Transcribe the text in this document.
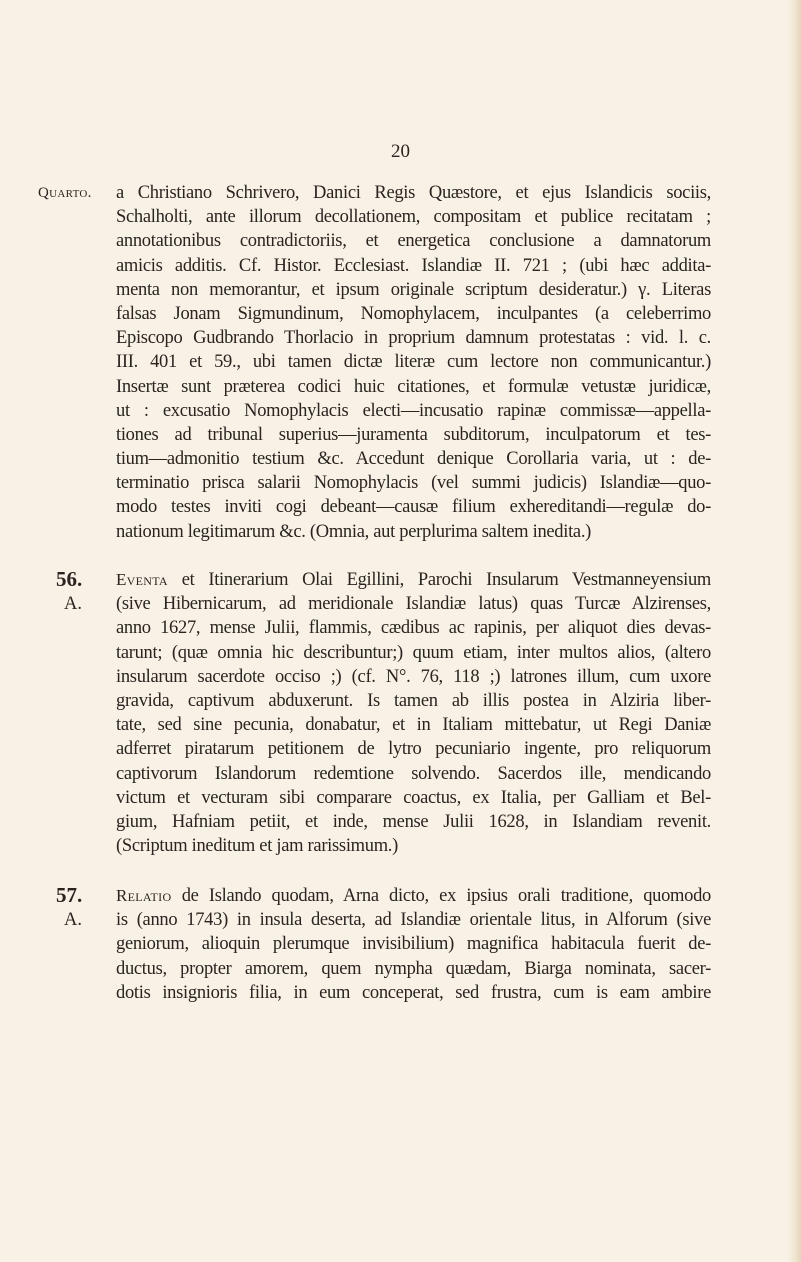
20
Quarto.	a Christiano Schrivero, Danici Regis Quæstore, et ejus Islandicis sociis,
Schalholti, ante illorum decollationem, compositam et publice recitatam ;
annotationibus contradictoriis, et energetica conclusione a damnatorum
amicis additis. Cf. Histor. Ecclesiast. Islandiæ II. 721 ; (ubi hæc addita-
menta non memorantur, et ipsum originale scriptum desideratur.) γ. Literas
falsas Jonam Sigmundinum, Nomophylacem, inculpantes (a celeberrimo
Episcopo Gudbrando Thorlacio in proprium damnum protestatas : vid. l. c.
III. 401 et 59., ubi tamen dictæ literæ cum lectore non communicantur.)
Insertæ sunt præterea codici huic citationes, et formulæ vetustæ juridicæ,
ut : excusatio Nomophylacis electi—incusatio rapinæ commissæ—appella-
tiones ad tribunal superius—juramenta subditorum, inculpatorum et tes-
tium—admonitio testium &c. Accedunt denique Corollaria varia, ut : de-
terminatio prisca salarii Nomophylacis (vel summi judicis) Islandiæ—quo-
modo testes inviti cogi debeant—causæ filium exhereditandi—regulæ do-
nationum legitimarum &c. (Omnia, aut perplurima saltem inedita.)
56.
A.
Eventa et Itinerarium Olai Egillini, Parochi Insularum Vestmanneyensium
(sive Hibernicarum, ad meridionale Islandiæ latus) quas Turcæ Alzirenses,
anno 1627, mense Julii, flammis, cædibus ac rapinis, per aliquot dies devas-
tarunt; (quæ omnia hic describuntur;) quum etiam, inter multos alios, (altero
insularum sacerdote occiso ;) (cf. N°. 76, 118 ;) latrones illum, cum uxore
gravida, captivum abduxerunt. Is tamen ab illis postea in Alziria liber-
tate, sed sine pecunia, donabatur, et in Italiam mittebatur, ut Regi Daniæ
adferret piratarum petitionem de lytro pecuniario ingente, pro reliquorum
captivorum Islandorum redemtione solvendo. Sacerdos ille, mendicando
victum et vecturam sibi comparare coactus, ex Italia, per Galliam et Bel-
gium, Hafniam petiit, et inde, mense Julii 1628, in Islandiam revenit.
(Scriptum ineditum et jam rarissimum.)
57.
A.
Relatio de Islando quodam, Arna dicto, ex ipsius orali traditione, quomodo
is (anno 1743) in insula deserta, ad Islandiæ orientale litus, in Alforum (sive
geniorum, alioquin plerumque invisibilium) magnifica habitacula fuerit de-
ductus, propter amorem, quem nympha quædam, Biarga nominata, sacer-
dotis insignioris filia, in eum conceperat, sed frustra, cum is eam ambire
